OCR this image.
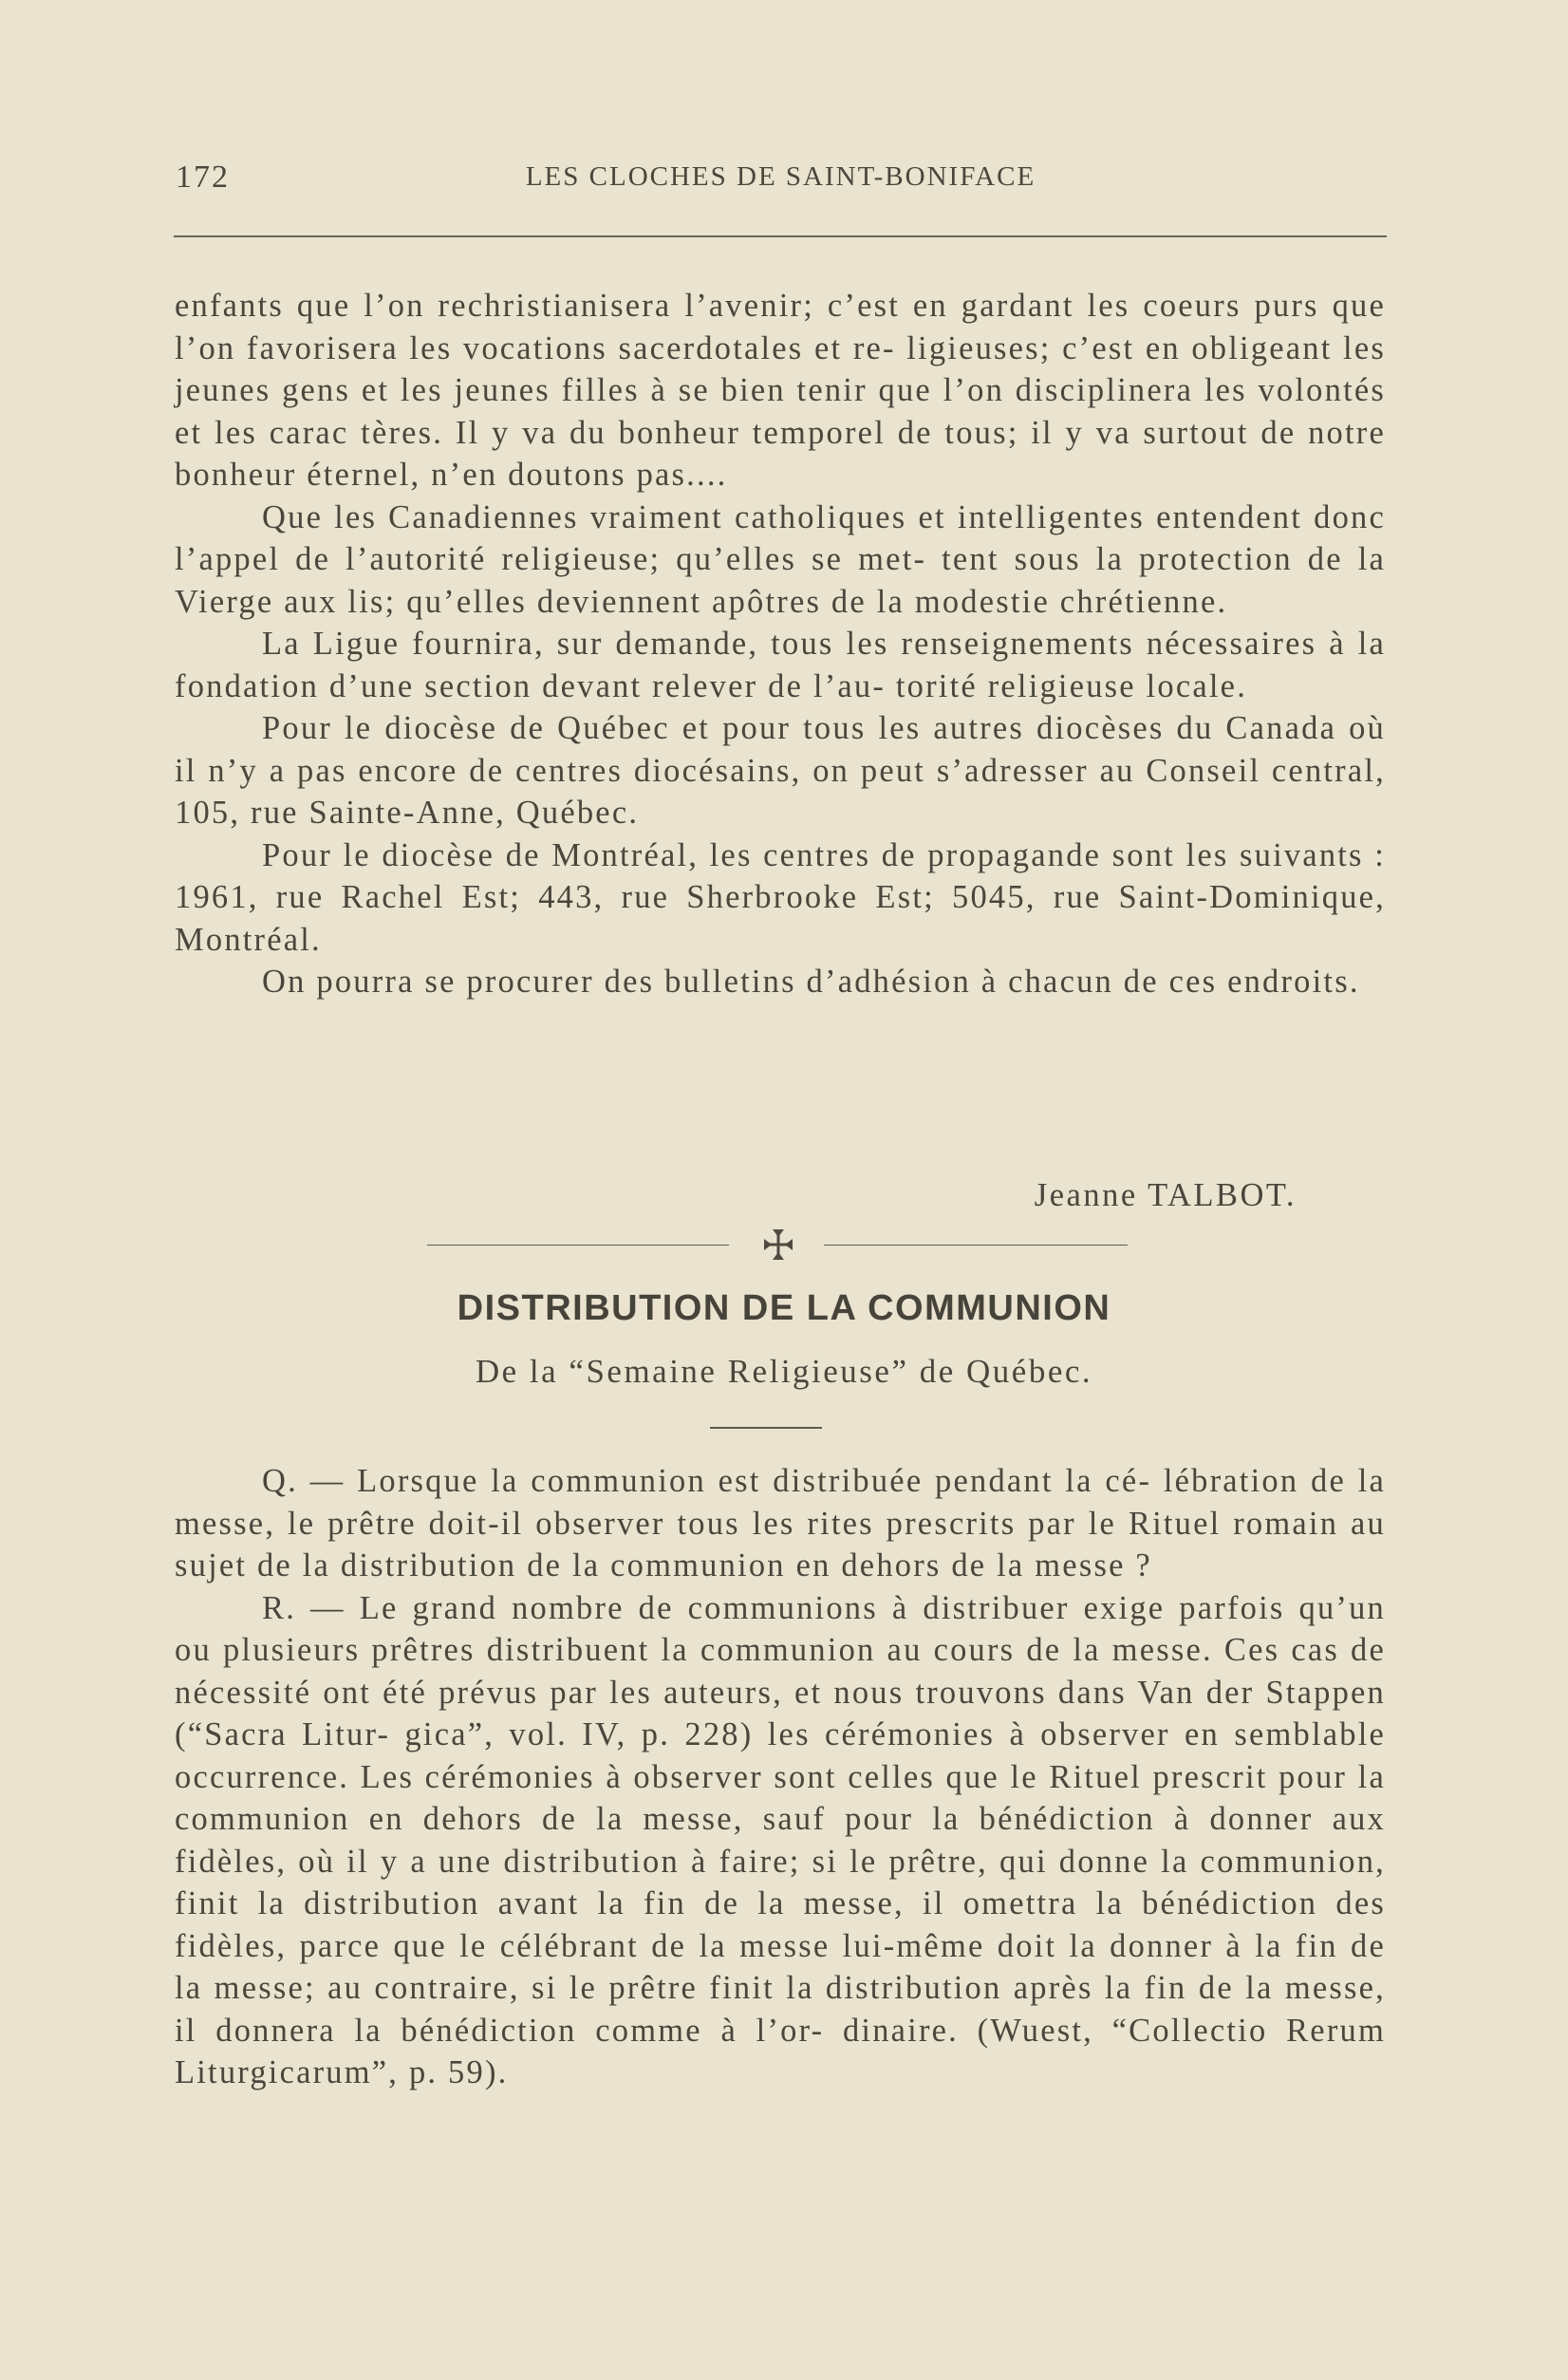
172	LES CLOCHES DE SAINT-BONIFACE

enfants que l’on rechristianisera l’avenir; c’est en gardant les coeurs purs que l’on favorisera les vocations sacerdotales et re- ligieuses; c’est en obligeant les jeunes gens et les jeunes filles à se bien tenir que l’on disciplinera les volontés et les carac tères. Il y va du bonheur temporel de tous; il y va surtout de notre bonheur éternel, n’en doutons pas....

Que les Canadiennes vraiment catholiques et intelligentes entendent donc l’appel de l’autorité religieuse; qu’elles se met- tent sous la protection de la Vierge aux lis; qu’elles deviennent apôtres de la modestie chrétienne.

La Ligue fournira, sur demande, tous les renseignements nécessaires à la fondation d’une section devant relever de l’au- torité religieuse locale.

Pour le diocèse de Québec et pour tous les autres diocèses du Canada où il n’y a pas encore de centres diocésains, on peut s’adresser au Conseil central, 105, rue Sainte-Anne, Québec.

Pour le diocèse de Montréal, les centres de propagande sont les suivants : 1961, rue Rachel Est; 443, rue Sherbrooke Est; 5045, rue Saint-Dominique, Montréal.

On pourra se procurer des bulletins d’adhésion à chacun de ces endroits.

Jeanne TALBOT.
DISTRIBUTION DE LA COMMUNION
De la “Semaine Religieuse” de Québec.

Q. — Lorsque la communion est distribuée pendant la cé- lébration de la messe, le prêtre doit-il observer tous les rites prescrits par le Rituel romain au sujet de la distribution de la communion en dehors de la messe ?

R. — Le grand nombre de communions à distribuer exige parfois qu’un ou plusieurs prêtres distribuent la communion au cours de la messe. Ces cas de nécessité ont été prévus par les auteurs, et nous trouvons dans Van der Stappen (“Sacra Litur- gica”, vol. IV, p. 228) les cérémonies à observer en semblable occurrence. Les cérémonies à observer sont celles que le Rituel prescrit pour la communion en dehors de la messe, sauf pour la bénédiction à donner aux fidèles, où il y a une distribution à faire; si le prêtre, qui donne la communion, finit la distribution avant la fin de la messe, il omettra la bénédiction des fidèles, parce que le célébrant de la messe lui-même doit la donner à la fin de la messe; au contraire, si le prêtre finit la distribution après la fin de la messe, il donnera la bénédiction comme à l’or- dinaire. (Wuest, “Collectio Rerum Liturgicarum”, p. 59).
